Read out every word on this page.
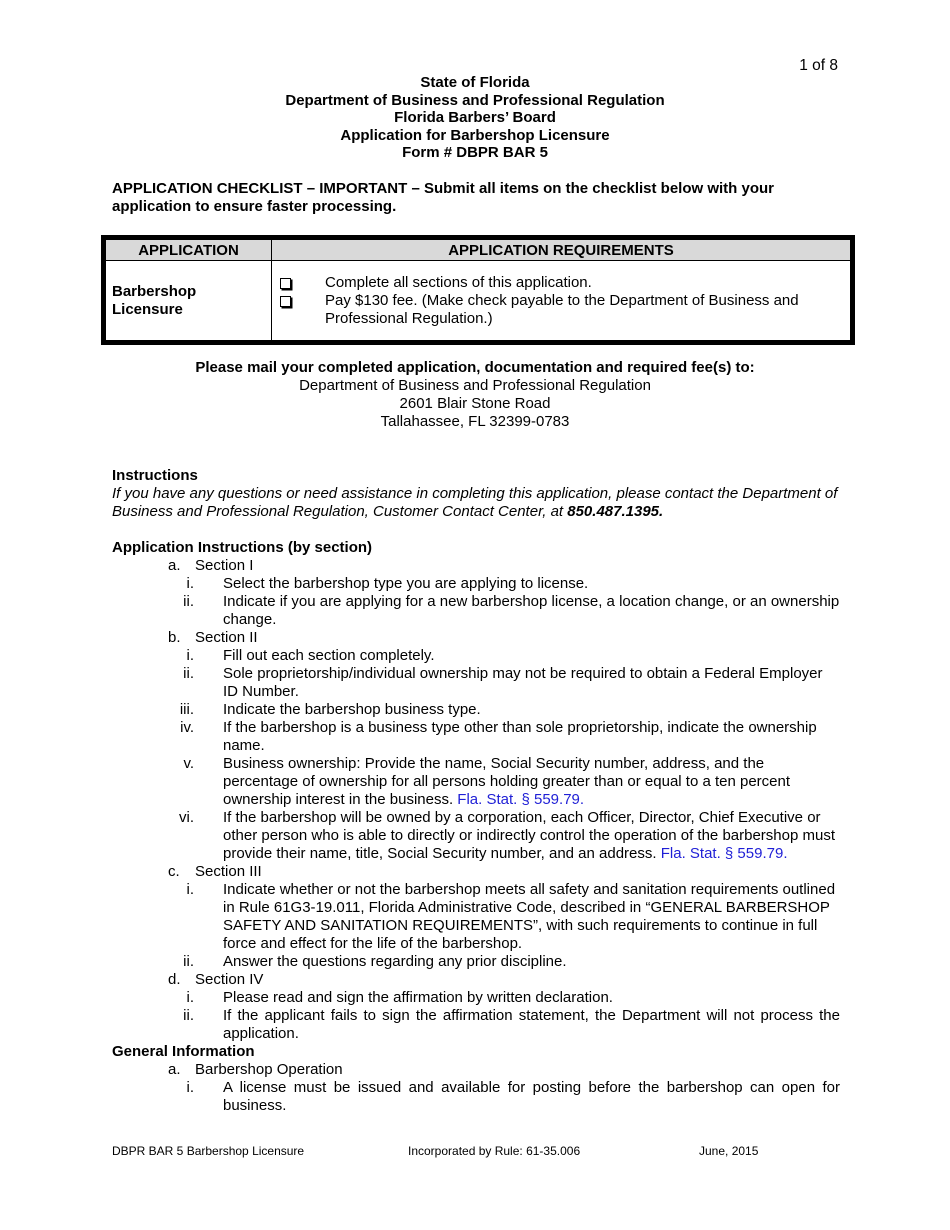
1 of 8
State of Florida
Department of Business and Professional Regulation
Florida Barbers’ Board
Application for Barbershop Licensure
Form # DBPR BAR 5
APPLICATION CHECKLIST – IMPORTANT – Submit all items on the checklist below with your application to ensure faster processing.
APPLICATION	APPLICATION REQUIREMENTS
Barbershop Licensure	Complete all sections of this application.
Pay $130 fee. (Make check payable to the Department of Business and Professional Regulation.)
Please mail your completed application, documentation and required fee(s) to:
Department of Business and Professional Regulation
2601 Blair Stone Road
Tallahassee, FL 32399-0783
Instructions
If you have any questions or need assistance in completing this application, please contact the Department of Business and Professional Regulation, Customer Contact Center, at 850.487.1395.
Application Instructions (by section)
a. Section I
i. Select the barbershop type you are applying to license.
ii. Indicate if you are applying for a new barbershop license, a location change, or an ownership change.
b. Section II
i. Fill out each section completely.
ii. Sole proprietorship/individual ownership may not be required to obtain a Federal Employer ID Number.
iii. Indicate the barbershop business type.
iv. If the barbershop is a business type other than sole proprietorship, indicate the ownership name.
v. Business ownership: Provide the name, Social Security number, address, and the percentage of ownership for all persons holding greater than or equal to a ten percent ownership interest in the business. Fla. Stat. § 559.79.
vi. If the barbershop will be owned by a corporation, each Officer, Director, Chief Executive or other person who is able to directly or indirectly control the operation of the barbershop must provide their name, title, Social Security number, and an address. Fla. Stat. § 559.79.
c. Section III
i. Indicate whether or not the barbershop meets all safety and sanitation requirements outlined in Rule 61G3-19.011, Florida Administrative Code, described in “GENERAL BARBERSHOP SAFETY AND SANITATION REQUIREMENTS”, with such requirements to continue in full force and effect for the life of the barbershop.
ii. Answer the questions regarding any prior discipline.
d. Section IV
i. Please read and sign the affirmation by written declaration.
ii. If the applicant fails to sign the affirmation statement, the Department will not process the application.
General Information
a. Barbershop Operation
i. A license must be issued and available for posting before the barbershop can open for business.
DBPR BAR 5 Barbershop Licensure	Incorporated by Rule: 61-35.006	June, 2015
